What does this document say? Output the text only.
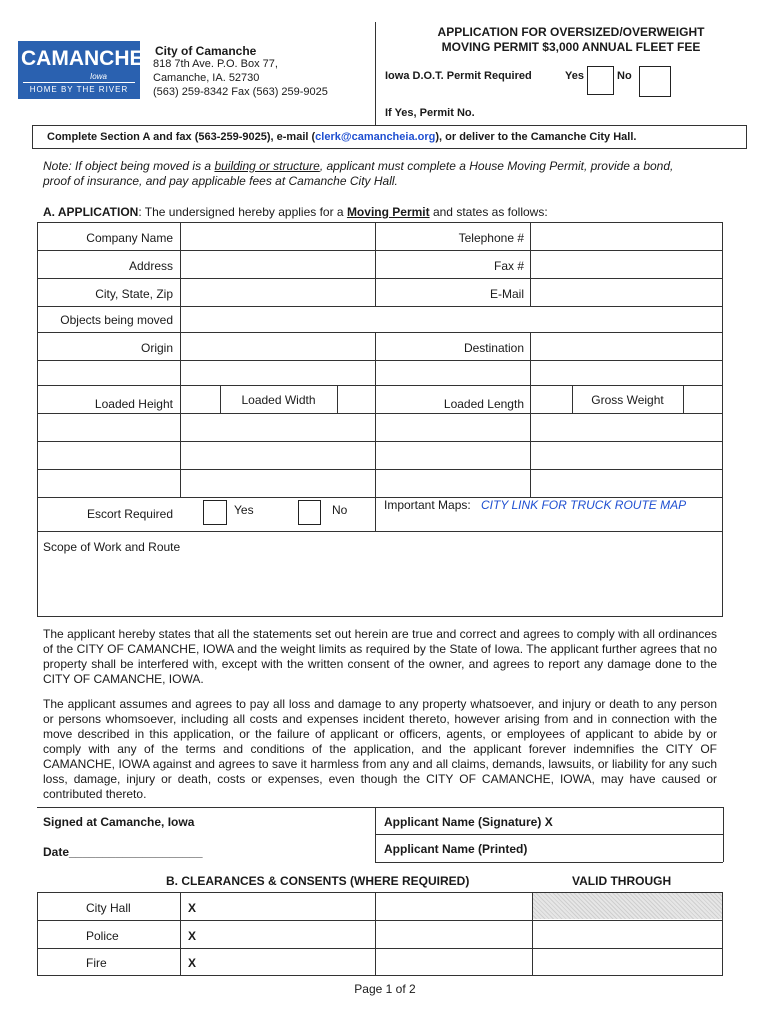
CAMANCHE
Iowa
HOME BY THE RIVER
City of Camanche
818 7th Ave. P.O. Box 77,
Camanche, IA. 52730
(563) 259-8342 Fax (563) 259-9025
APPLICATION FOR OVERSIZED/OVERWEIGHT
MOVING PERMIT $3,000 ANNUAL FLEET FEE
Iowa D.O.T. Permit Required	Yes	No
If Yes, Permit No.
Complete Section A and fax (563-259-9025), e-mail (clerk@camancheia.org), or deliver to the Camanche City Hall.
Note: If object being moved is a building or structure, applicant must complete a House Moving Permit, provide a bond,
proof of insurance, and pay applicable fees at Camanche City Hall.
A. APPLICATION: The undersigned hereby applies for a Moving Permit and states as follows:
Company Name	Telephone #
Address	Fax #
City, State, Zip	E-Mail
Objects being moved
Origin	Destination
Loaded Height	Loaded Width	Loaded Length	Gross Weight
Escort Required	Yes	No	Important Maps: CITY LINK FOR TRUCK ROUTE MAP
Scope of Work and Route
The applicant hereby states that all the statements set out herein are true and correct and agrees to comply with all ordinances of the CITY OF CAMANCHE, IOWA and the weight limits as required by the State of Iowa. The applicant further agrees that no property shall be interfered with, except with the written consent of the owner, and agrees to report any damage done to the CITY OF CAMANCHE, IOWA.
The applicant assumes and agrees to pay all loss and damage to any property whatsoever, and injury or death to any person or persons whomsoever, including all costs and expenses incident thereto, however arising from and in connection with the move described in this application, or the failure of applicant or officers, agents, or employees of applicant to abide by or comply with any of the terms and conditions of the application, and the applicant forever indemnifies the CITY OF CAMANCHE, IOWA against and agrees to save it harmless from any and all claims, demands, lawsuits, or liability for any such loss, damage, injury or death, costs or expenses, even though the CITY OF CAMANCHE, IOWA, may have caused or contributed thereto.
Signed at Camanche, Iowa	Applicant Name (Signature) X
Date____________________	Applicant Name (Printed)
B. CLEARANCES & CONSENTS (WHERE REQUIRED)	VALID THROUGH
City Hall	X
Police	X
Fire	X
Page 1 of 2
